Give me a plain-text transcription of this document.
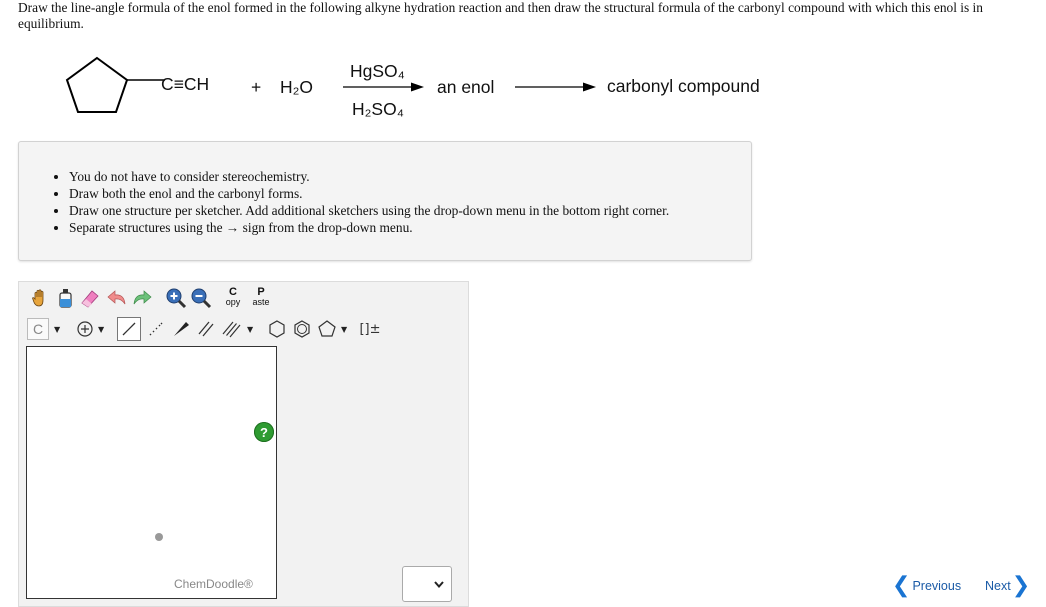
Draw the line-angle formula of the enol formed in the following alkyne hydration reaction and then draw the structural formula of the carbonyl compound with which this enol is in equilibrium.
C≡CH + H₂O
HgSO₄
H₂SO₄
an enol	carbonyl compound
• You do not have to consider stereochemistry.
• Draw both the enol and the carbonyl forms.
• Draw one structure per sketcher. Add additional sketchers using the drop-down menu in the bottom right corner.
• Separate structures using the → sign from the drop-down menu.
C
opy
P
aste
C	▼	▼	▼	▼ []±
?
ChemDoodle®	❮ Previous Next ❯
